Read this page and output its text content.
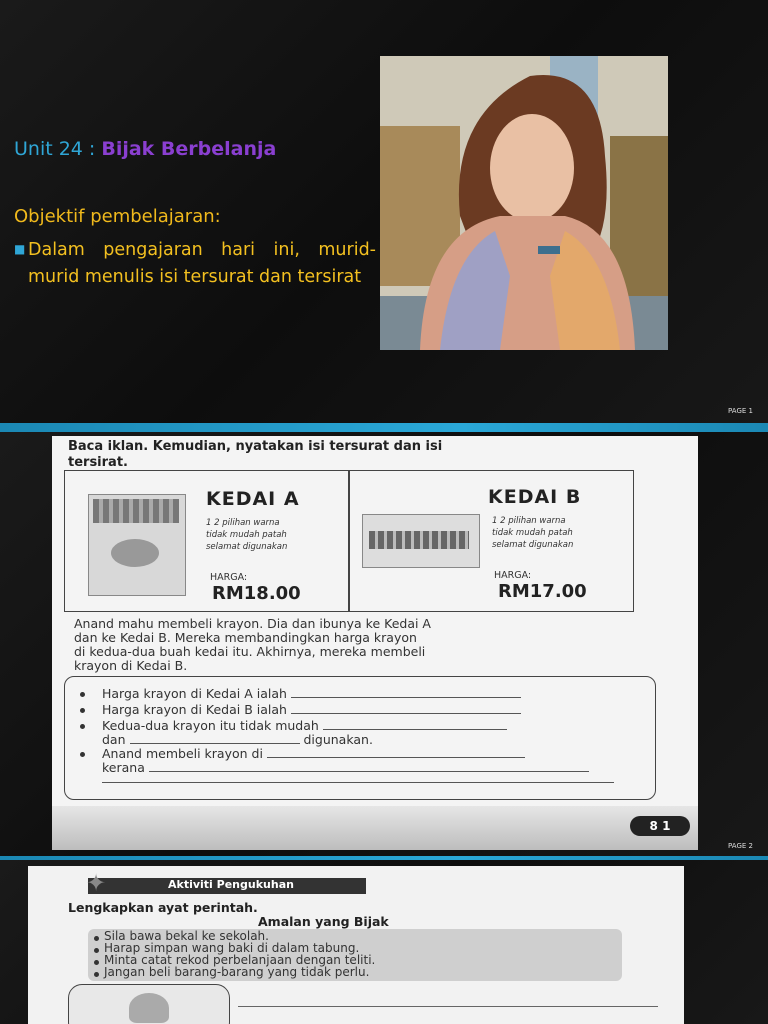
Unit 24 : Bijak Berbelanja
Objektif pembelajaran:
■ Dalam pengajaran hari ini, murid-
murid menulis isi tersurat dan tersirat
PAGE 1
Baca iklan. Kemudian, nyatakan isi tersurat dan isi
tersirat.
KEDAI A
1 2 pilihan warna
tidak mudah patah
selamat digunakan
HARGA:
RM18.00
KEDAI B
1 2 pilihan warna
tidak mudah patah
selamat digunakan
HARGA:
RM17.00
Anand mahu membeli krayon. Dia dan ibunya ke Kedai A
dan ke Kedai B. Mereka membandingkan harga krayon
di kedua-dua buah kedai itu. Akhirnya, mereka membeli
krayon di Kedai B.
Harga krayon di Kedai A ialah
Harga krayon di Kedai B ialah
Kedua-dua krayon itu tidak mudah
dan	digunakan.
Anand membeli krayon di
kerana
8 1
PAGE 2
✦	Aktiviti Pengukuhan
Lengkapkan ayat perintah.
Amalan yang Bijak
Sila bawa bekal ke sekolah.
Harap simpan wang baki di dalam tabung.
Minta catat rekod perbelanjaan dengan teliti.
Jangan beli barang-barang yang tidak perlu.
